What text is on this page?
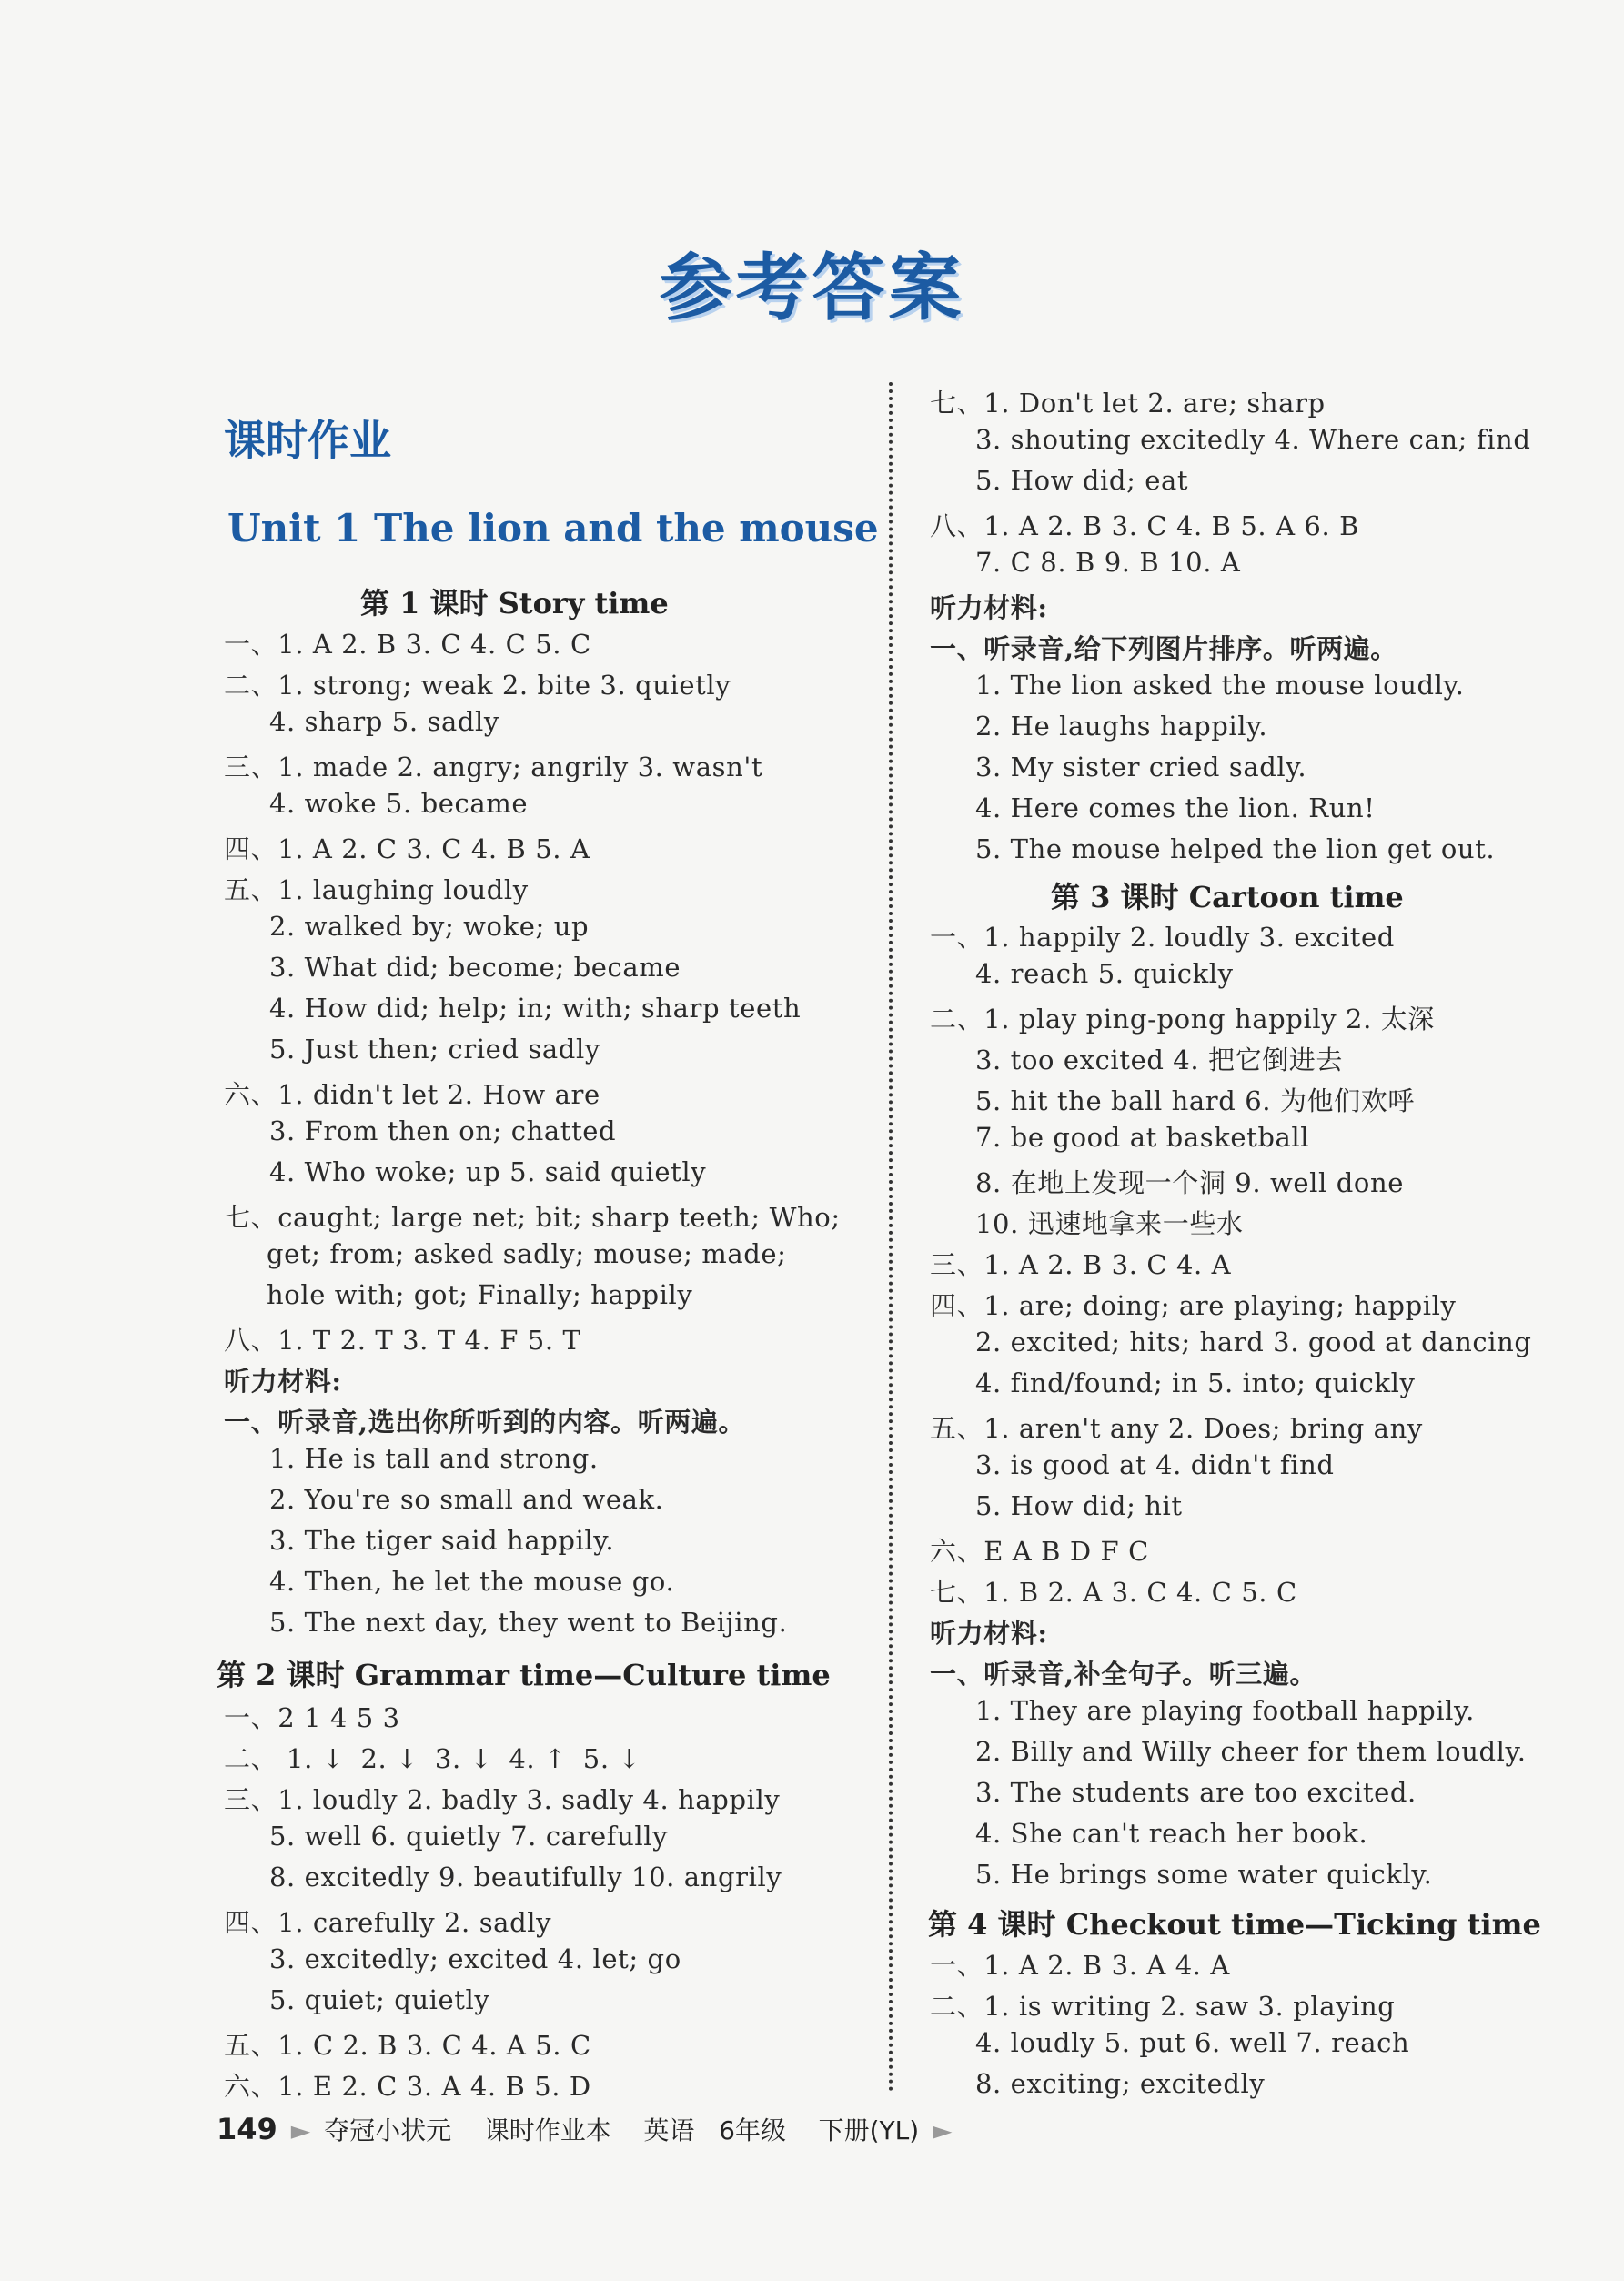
参考答案
课时作业
Unit 1 The lion and the mouse
第 1 课时 Story time
一、1. A 2. B 3. C 4. C 5. C
二、1. strong; weak 2. bite 3. quietly
4. sharp 5. sadly
三、1. made 2. angry; angrily 3. wasn't
4. woke 5. became
四、1. A 2. C 3. C 4. B 5. A
五、1. laughing loudly
2. walked by; woke; up
3. What did; become; became
4. How did; help; in; with; sharp teeth
5. Just then; cried sadly
六、1. didn't let 2. How are
3. From then on; chatted
4. Who woke; up 5. said quietly
七、caught; large net; bit; sharp teeth; Who;
get; from; asked sadly; mouse; made;
hole with; got; Finally; happily
八、1. T 2. T 3. T 4. F 5. T
听力材料:
一、听录音,选出你所听到的内容。听两遍。
1. He is tall and strong.
2. You're so small and weak.
3. The tiger said happily.
4. Then, he let the mouse go.
5. The next day, they went to Beijing.
第 2 课时 Grammar time—Culture time
一、2 1 4 5 3
二、 1. ↓ 2. ↓ 3. ↓ 4. ↑ 5. ↓
三、1. loudly 2. badly 3. sadly 4. happily
5. well 6. quietly 7. carefully
8. excitedly 9. beautifully 10. angrily
四、1. carefully 2. sadly
3. excitedly; excited 4. let; go
5. quiet; quietly
五、1. C 2. B 3. C 4. A 5. C
六、1. E 2. C 3. A 4. B 5. D
七、1. Don't let 2. are; sharp
3. shouting excitedly 4. Where can; find
5. How did; eat
八、1. A 2. B 3. C 4. B 5. A 6. B
7. C 8. B 9. B 10. A
听力材料:
一、听录音,给下列图片排序。听两遍。
1. The lion asked the mouse loudly.
2. He laughs happily.
3. My sister cried sadly.
4. Here comes the lion. Run!
5. The mouse helped the lion get out.
第 3 课时 Cartoon time
一、1. happily 2. loudly 3. excited
4. reach 5. quickly
二、1. play ping-pong happily 2. 太深
3. too excited 4. 把它倒进去
5. hit the ball hard 6. 为他们欢呼
7. be good at basketball
8. 在地上发现一个洞 9. well done
10. 迅速地拿来一些水
三、1. A 2. B 3. C 4. A
四、1. are; doing; are playing; happily
2. excited; hits; hard 3. good at dancing
4. find/found; in 5. into; quickly
五、1. aren't any 2. Does; bring any
3. is good at 4. didn't find
5. How did; hit
六、E A B D F C
七、1. B 2. A 3. C 4. C 5. C
听力材料:
一、听录音,补全句子。听三遍。
1. They are playing football happily.
2. Billy and Willy cheer for them loudly.
3. The students are too excited.
4. She can't reach her book.
5. He brings some water quickly.
第 4 课时 Checkout time—Ticking time
一、1. A 2. B 3. A 4. A
二、1. is writing 2. saw 3. playing
4. loudly 5. put 6. well 7. reach
8. exciting; excitedly
149 ► 夺冠小状元 课时作业本 英语 6年级 下册(YL) ►
